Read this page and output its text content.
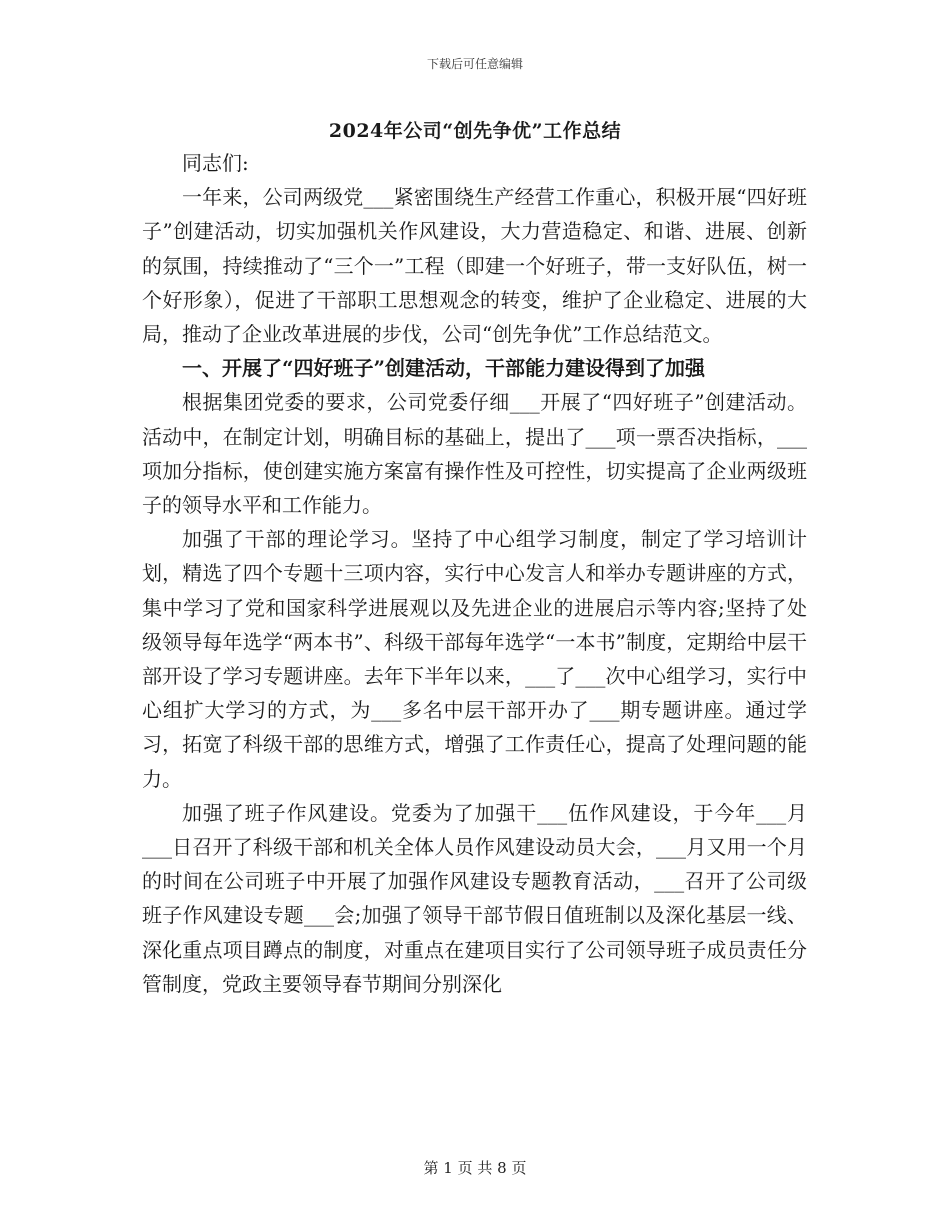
下载后可任意编辑
2024年公司“创先争优”工作总结

同志们:

一年来，公司两级党___紧密围绕生产经营工作重心，积极开展“四好班子”创建活动，切实加强机关作风建设，大力营造稳定、和谐、进展、创新的氛围，持续推动了“三个一”工程（即建一个好班子，带一支好队伍，树一个好形象），促进了干部职工思想观念的转变，维护了企业稳定、进展的大局，推动了企业改革进展的步伐，公司“创先争优”工作总结范文。

一、开展了“四好班子”创建活动，干部能力建设得到了加强

根据集团党委的要求，公司党委仔细___开展了“四好班子”创建活动。活动中，在制定计划，明确目标的基础上，提出了___项一票否决指标，___项加分指标，使创建实施方案富有操作性及可控性，切实提高了企业两级班子的领导水平和工作能力。

加强了干部的理论学习。坚持了中心组学习制度，制定了学习培训计划，精选了四个专题十三项内容，实行中心发言人和举办专题讲座的方式，集中学习了党和国家科学进展观以及先进企业的进展启示等内容;坚持了处级领导每年选学“两本书”、科级干部每年选学“一本书”制度，定期给中层干部开设了学习专题讲座。去年下半年以来，___了___次中心组学习，实行中心组扩大学习的方式，为___多名中层干部开办了___期专题讲座。通过学习，拓宽了科级干部的思维方式，增强了工作责任心，提高了处理问题的能力。

加强了班子作风建设。党委为了加强干___伍作风建设，于今年___月___日召开了科级干部和机关全体人员作风建设动员大会，___月又用一个月的时间在公司班子中开展了加强作风建设专题教育活动，___召开了公司级班子作风建设专题___会;加强了领导干部节假日值班制以及深化基层一线、深化重点项目蹲点的制度，对重点在建项目实行了公司领导班子成员责任分管制度，党政主要领导春节期间分别深化

第 1 页 共 8 页
